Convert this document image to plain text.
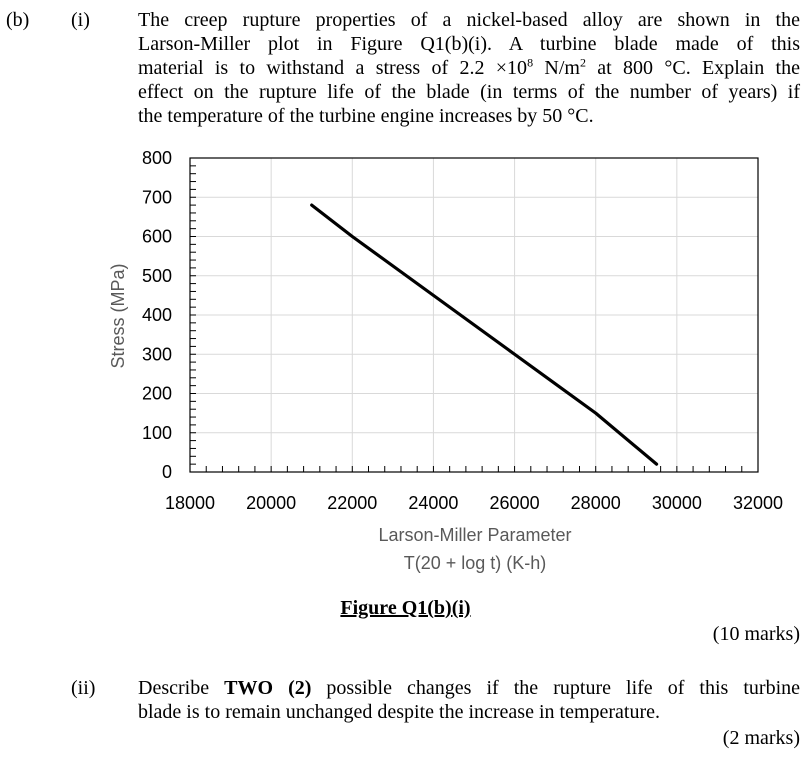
(b) (i) The creep rupture properties of a nickel-based alloy are shown in the
Larson-Miller plot in Figure Q1(b)(i). A turbine blade made of this
material is to withstand a stress of $2.2 \times 10^8$ $N/m^2$ at 800 °C. Explain the
effect on the rupture life of the blade (in terms of the number of years) if
the temperature of the turbine engine increases by 50 °C.
0
100
200
300
400
500
600
700
800
18000 20000 22000 24000 26000 28000 30000 32000
Stress (MPa)
Larson-Miller Parameter
T(20 + log t) (K-h)
Figure Q1(b)(i)
(10 marks)
(ii) Describe TWO (2) possible changes if the rupture life of this turbine
blade is to remain unchanged despite the increase in temperature.
(2 marks)
